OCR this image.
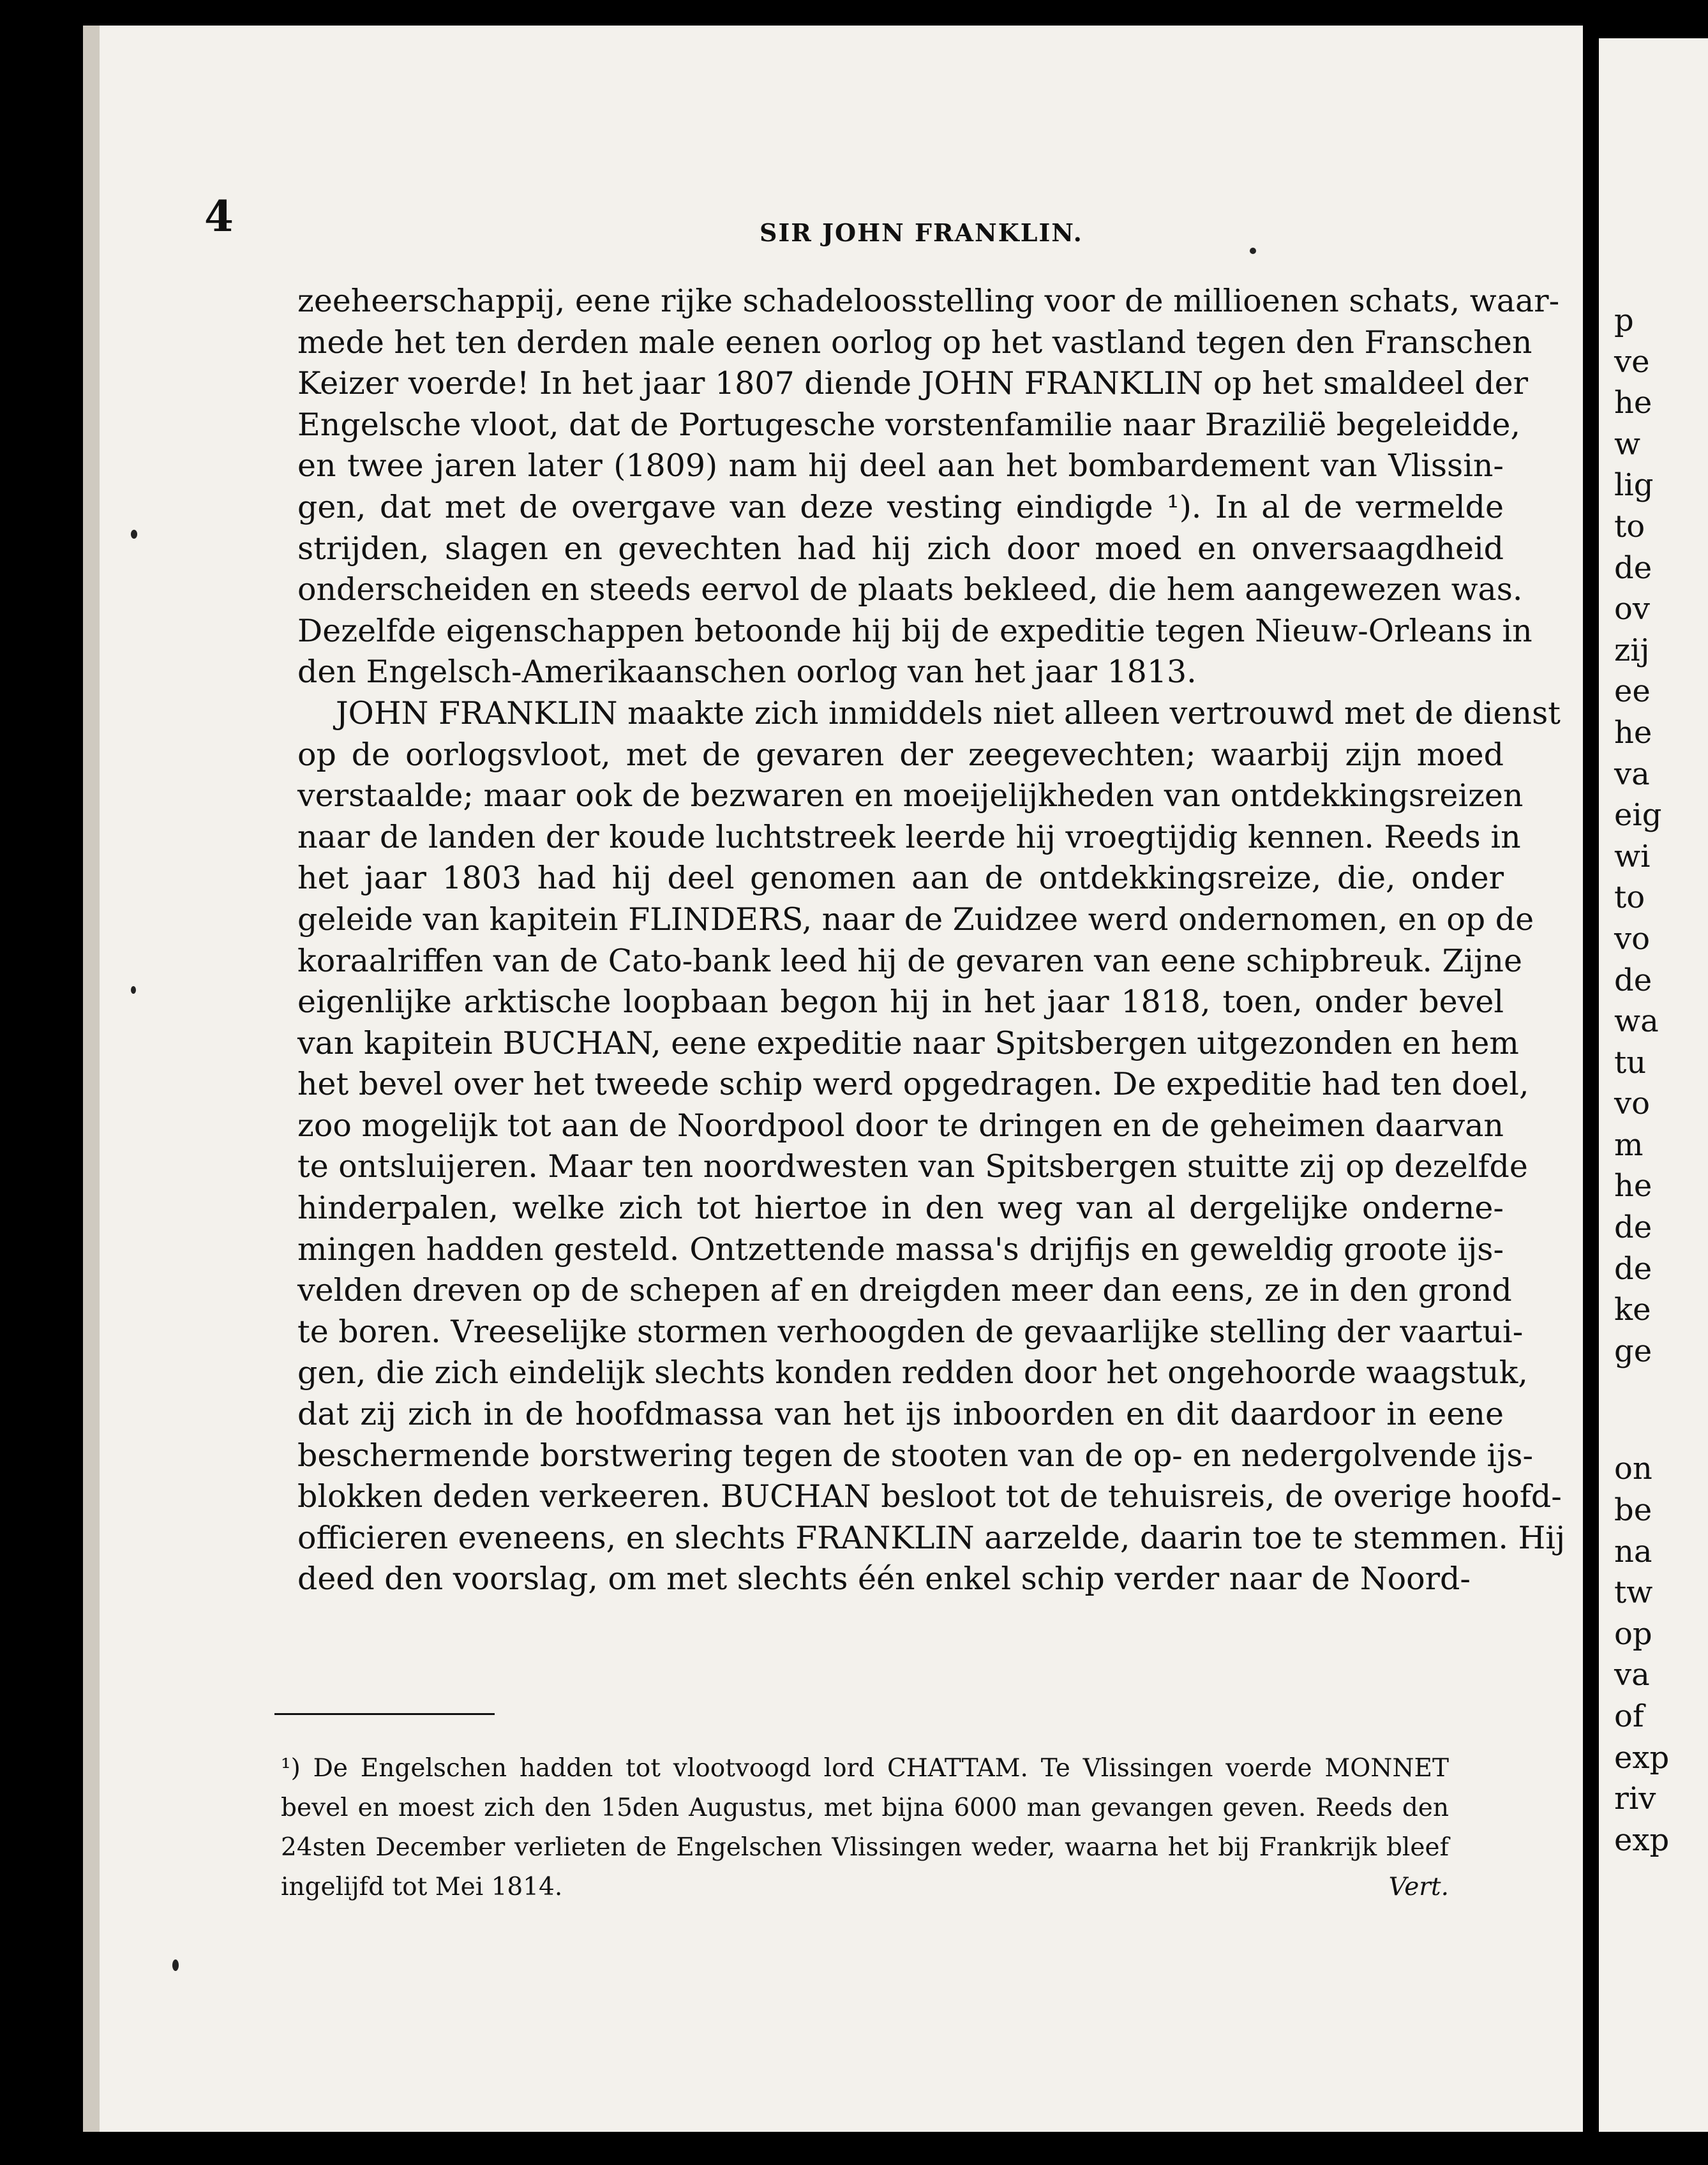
p
ve
he
w
lig
to
de
ov
zij
ee
he
va
eig
wi
to
vo
de
wa
tu
vo
m
he
de
de
ke
ge
on
be
na
tw
op
va
of
exp
riv
exp
4	SIR JOHN FRANKLIN.
zeeheerschappij, eene rijke schadeloosstelling voor de millioenen schats, waar-
mede het ten derden male eenen oorlog op het vastland tegen den Franschen
Keizer voerde! In het jaar 1807 diende JOHN FRANKLIN op het smaldeel der
Engelsche vloot, dat de Portugesche vorstenfamilie naar Brazilië begeleidde,
en twee jaren later (1809) nam hij deel aan het bombardement van Vlissin-
gen, dat met de overgave van deze vesting eindigde ¹). In al de vermelde
strijden, slagen en gevechten had hij zich door moed en onversaagdheid
onderscheiden en steeds eervol de plaats bekleed, die hem aangewezen was.
Dezelfde eigenschappen betoonde hij bij de expeditie tegen Nieuw-Orleans in
den Engelsch-Amerikaanschen oorlog van het jaar 1813.
JOHN FRANKLIN maakte zich inmiddels niet alleen vertrouwd met de dienst
op de oorlogsvloot, met de gevaren der zeegevechten; waarbij zijn moed
verstaalde; maar ook de bezwaren en moeijelijkheden van ontdekkingsreizen
naar de landen der koude luchtstreek leerde hij vroegtijdig kennen. Reeds in
het jaar 1803 had hij deel genomen aan de ontdekkingsreize, die, onder
geleide van kapitein FLINDERS, naar de Zuidzee werd ondernomen, en op de
koraalriffen van de Cato-bank leed hij de gevaren van eene schipbreuk. Zijne
eigenlijke arktische loopbaan begon hij in het jaar 1818, toen, onder bevel
van kapitein BUCHAN, eene expeditie naar Spitsbergen uitgezonden en hem
het bevel over het tweede schip werd opgedragen. De expeditie had ten doel,
zoo mogelijk tot aan de Noordpool door te dringen en de geheimen daarvan
te ontsluijeren. Maar ten noordwesten van Spitsbergen stuitte zij op dezelfde
hinderpalen, welke zich tot hiertoe in den weg van al dergelijke onderne-
mingen hadden gesteld. Ontzettende massa's drijfijs en geweldig groote ijs-
velden dreven op de schepen af en dreigden meer dan eens, ze in den grond
te boren. Vreeselijke stormen verhoogden de gevaarlijke stelling der vaartui-
gen, die zich eindelijk slechts konden redden door het ongehoorde waagstuk,
dat zij zich in de hoofdmassa van het ijs inboorden en dit daardoor in eene
beschermende borstwering tegen de stooten van de op- en nedergolvende ijs-
blokken deden verkeeren. BUCHAN besloot tot de tehuisreis, de overige hoofd-
officieren eveneens, en slechts FRANKLIN aarzelde, daarin toe te stemmen. Hij
deed den voorslag, om met slechts één enkel schip verder naar de Noord-
¹) De Engelschen hadden tot vlootvoogd lord CHATTAM. Te Vlissingen voerde MONNET
bevel en moest zich den 15den Augustus, met bijna 6000 man gevangen geven. Reeds den
24sten December verlieten de Engelschen Vlissingen weder, waarna het bij Frankrijk bleef
ingelijfd tot Mei 1814.	Vert.
